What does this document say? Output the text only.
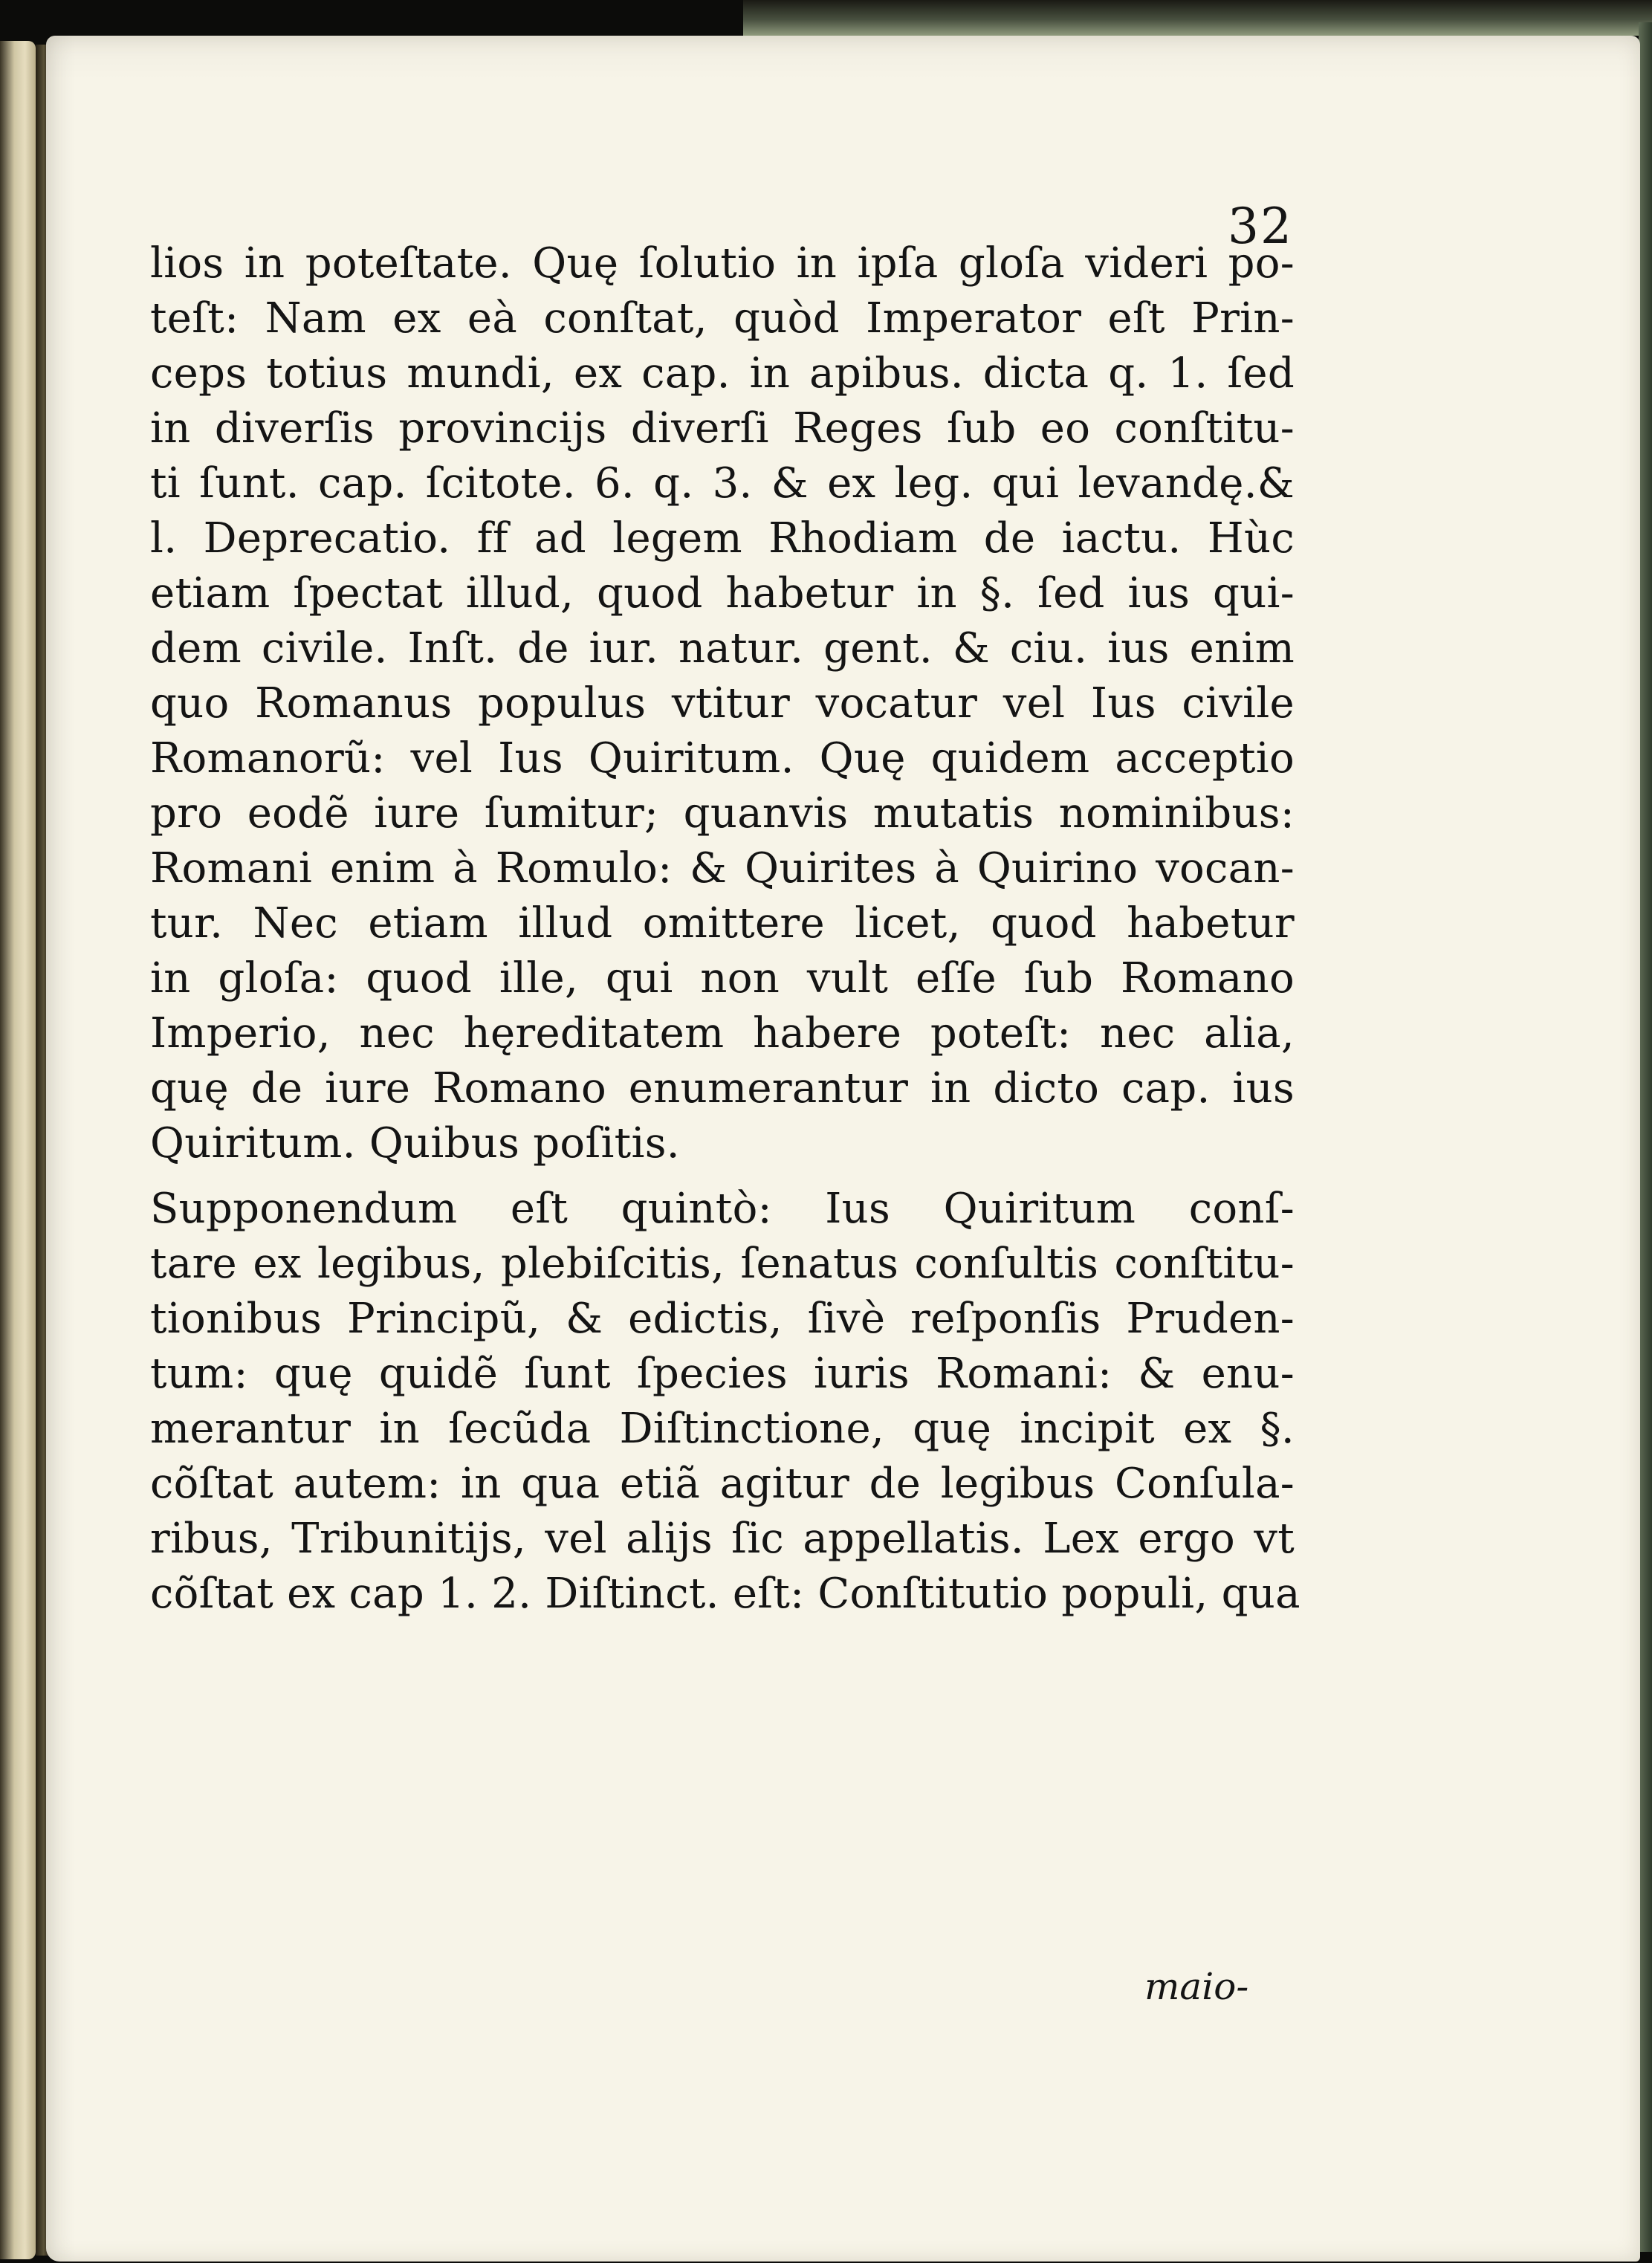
32
lios in poteſtate. Quę ſolutio in ipſa gloſa videri po-
teſt: Nam ex eà conſtat, quòd Imperator eſt Prin-
ceps totius mundi, ex cap. in apibus. dicta q. 1. ſed
in diverſis provincijs diverſi Reges ſub eo conſtitu-
ti ſunt. cap. ſcitote. 6. q. 3. & ex leg. qui levandę.&
l. Deprecatio. ff ad legem Rhodiam de iactu. Hùc
etiam ſpectat illud, quod habetur in §. ſed ius qui-
dem civile. Inſt. de iur. natur. gent. & ciu. ius enim
quo Romanus populus vtitur vocatur vel Ius civile
Romanorũ: vel Ius Quiritum. Quę quidem acceptio
pro eodẽ iure ſumitur; quanvis mutatis nominibus:
Romani enim à Romulo: & Quirites à Quirino vocan-
tur. Nec etiam illud omittere licet, quod habetur
in gloſa: quod ille, qui non vult eſſe ſub Romano
Imperio, nec hęreditatem habere poteſt: nec alia,
quę de iure Romano enumerantur in dicto cap. ius
Quiritum. Quibus poſitis.
Supponendum eſt quintò: Ius Quiritum conſ-
tare ex legibus, plebiſcitis, ſenatus conſultis conſtitu-
tionibus Principũ, & edictis, ſivè reſponſis Pruden-
tum: quę quidẽ ſunt ſpecies iuris Romani: & enu-
merantur in ſecũda Diſtinctione, quę incipit ex §.
cõſtat autem: in qua etiã agitur de legibus Conſula-
ribus, Tribunitijs, vel alijs ſic appellatis. Lex ergo vt
cõſtat ex cap 1. 2. Diſtinct. eſt: Conſtitutio populi, qua
maio-
